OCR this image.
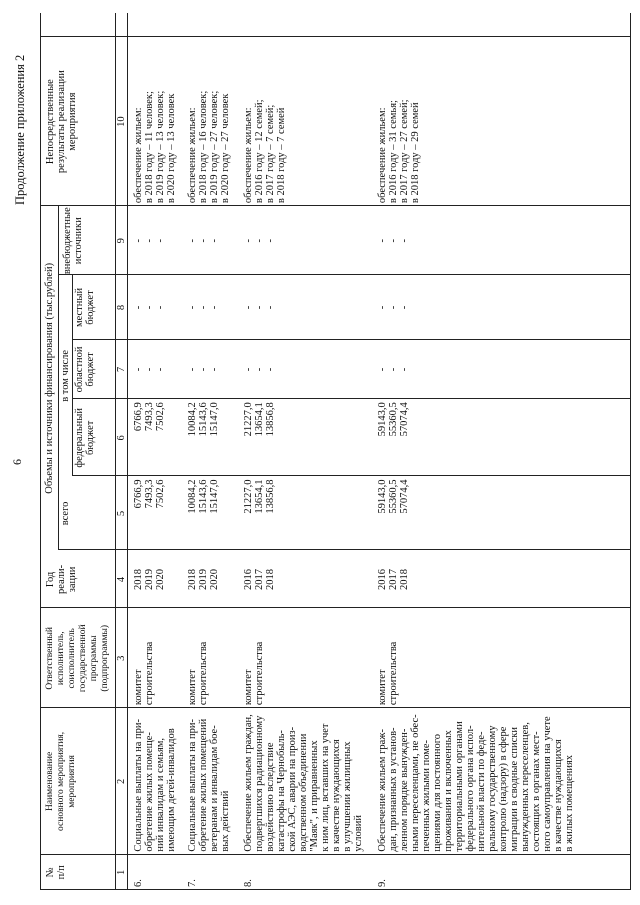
6
Продолжение приложения 2
№
п/п
Наименование
основного мероприятия,
мероприятия
Ответственный
исполнитель,
соисполнитель
государственной
программы
(подпрограммы)
Год
реали-
зации
Объемы и источники финансирования (тыс.рублей)
всего
в том числе
федеральный
бюджет
областной
бюджет
местный
бюджет
внебюджетные
источники
Непосредственные
результаты реализации
мероприятия
1
2
3
4
5
6
7
8
9
10
6.
Социальные выплаты на при-
обретение жилых помеще-
ний инвалидам и семьям,
имеющим детей-инвалидов
комитет строительства
2018
2019
2020
6766,9
7493,3
7502,6
6766,9
7493,3
7502,6
-
-
-
-
-
-
-
-
-
обеспечение жильем:
в 2018 году – 11 человек;
в 2019 году – 13 человек;
в 2020 году – 13 человек
7.
Социальные выплаты на при-
обретение жилых помещений
ветеранам и инвалидам бое-
вых действий
комитет строительства
2018
2019
2020
10084,2
15143,6
15147,0
10084,2
15143,6
15147,0
-
-
-
-
-
-
-
-
-
обеспечение жильем:
в 2018 году – 16 человек;
в 2019 году – 27 человек;
в 2020 году – 27 человек
8.
Обеспечение жильем граждан,
подвергшихся радиационному
воздействию вследствие
катастрофы на Чернобыль-
ской АЭС, аварии на произ-
водственном объединении
"Маяк", и приравненных
к ним лиц, вставших на учет
в качестве нуждающихся
в улучшении жилищных
условий
комитет строительства
2016
2017
2018
21227,0
13654,1
13856,8
21227,0
13654,1
13856,8
-
-
-
-
-
-
-
-
-
обеспечение жильем:
в 2016 году – 12 семей;
в 2017 году – 7 семей;
в 2018 году – 7 семей
9.
Обеспечение жильем граж-
дан, признанных в установ-
ленном порядке вынужден-
ными переселенцами, не обес-
печенных жилыми поме-
щениями для постоянного
проживания и включенных
территориальными органами
федерального органа испол-
нительной власти по феде-
ральному государственному
контролю (надзору) в сфере
миграции в сводные списки
вынужденных переселенцев,
состоящих в органах мест-
ного самоуправления на учете
в качестве нуждающихся
в жилых помещениях
комитет строительства
2016
2017
2018
59143,0
55360,5
57074,4
59143,0
55360,5
57074,4
-
-
-
-
-
-
-
-
-
обеспечение жильем:
в 2016 году – 31 семья;
в 2017 году – 27 семей;
в 2018 году – 29 семей
